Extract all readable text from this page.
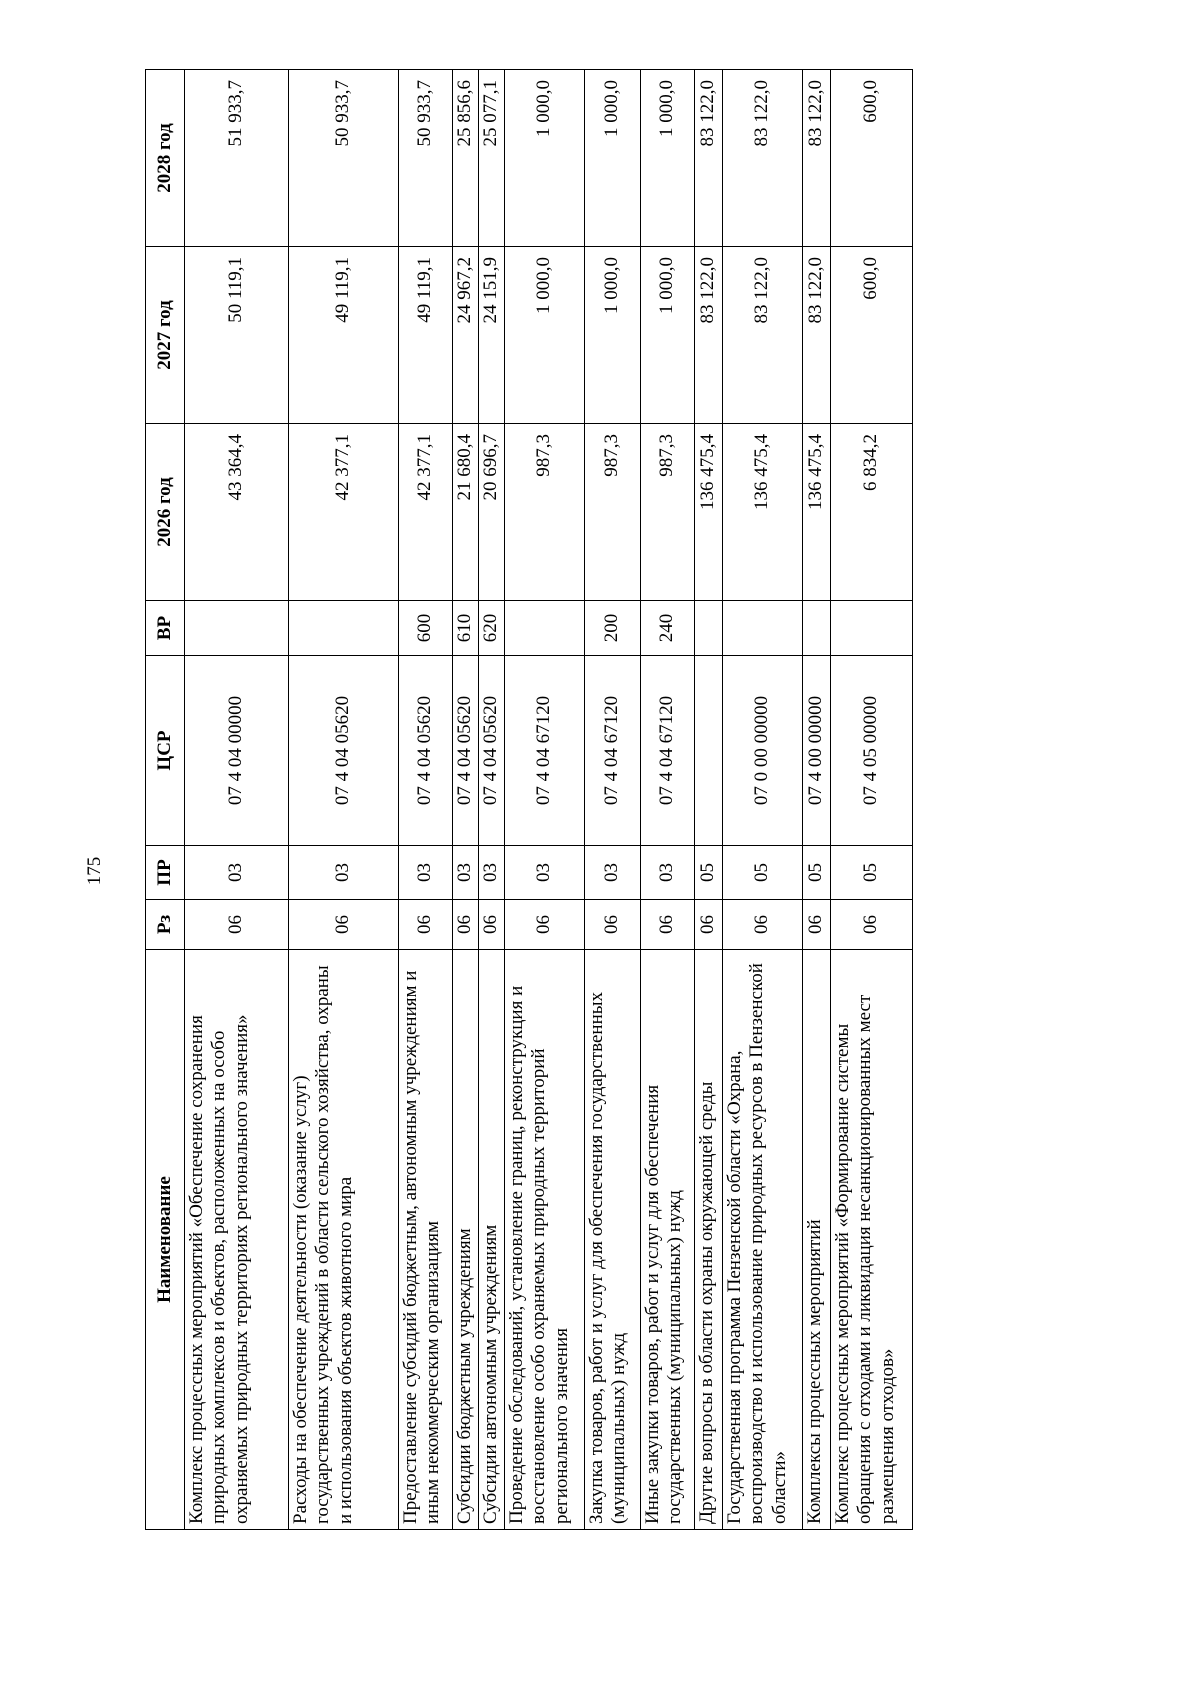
175
Наименование	Рз	ПР	ЦСР	ВР	2026 год	2027 год	2028 год
Комплекс процессных мероприятий «Обеспечение сохранения природных комплексов и объектов, расположенных на особо охраняемых природных территориях регионального значения»	06	03	07 4 04 00000		43 364,4	50 119,1	51 933,7
Расходы на обеспечение деятельности (оказание услуг) государственных учреждений в области сельского хозяйства, охраны и использования объектов животного мира	06	03	07 4 04 05620		42 377,1	49 119,1	50 933,7
Предоставление субсидий бюджетным, автономным учреждениям и иным некоммерческим организациям	06	03	07 4 04 05620	600	42 377,1	49 119,1	50 933,7
Субсидии бюджетным учреждениям	06	03	07 4 04 05620	610	21 680,4	24 967,2	25 856,6
Субсидии автономным учреждениям	06	03	07 4 04 05620	620	20 696,7	24 151,9	25 077,1
Проведение обследований, установление границ, реконструкция и восстановление особо охраняемых природных территорий регионального значения	06	03	07 4 04 67120		987,3	1 000,0	1 000,0
Закупка товаров, работ и услуг для обеспечения государственных (муниципальных) нужд	06	03	07 4 04 67120	200	987,3	1 000,0	1 000,0
Иные закупки товаров, работ и услуг для обеспечения государственных (муниципальных) нужд	06	03	07 4 04 67120	240	987,3	1 000,0	1 000,0
Другие вопросы в области охраны окружающей среды	06	05			136 475,4	83 122,0	83 122,0
Государственная программа Пензенской области «Охрана, воспроизводство и использование природных ресурсов в Пензенской области»	06	05	07 0 00 00000		136 475,4	83 122,0	83 122,0
Комплексы процессных мероприятий	06	05	07 4 00 00000		136 475,4	83 122,0	83 122,0
Комплекс процессных мероприятий «Формирование системы обращения с отходами и ликвидация несанкционированных мест размещения отходов»	06	05	07 4 05 00000		6 834,2	600,0	600,0
